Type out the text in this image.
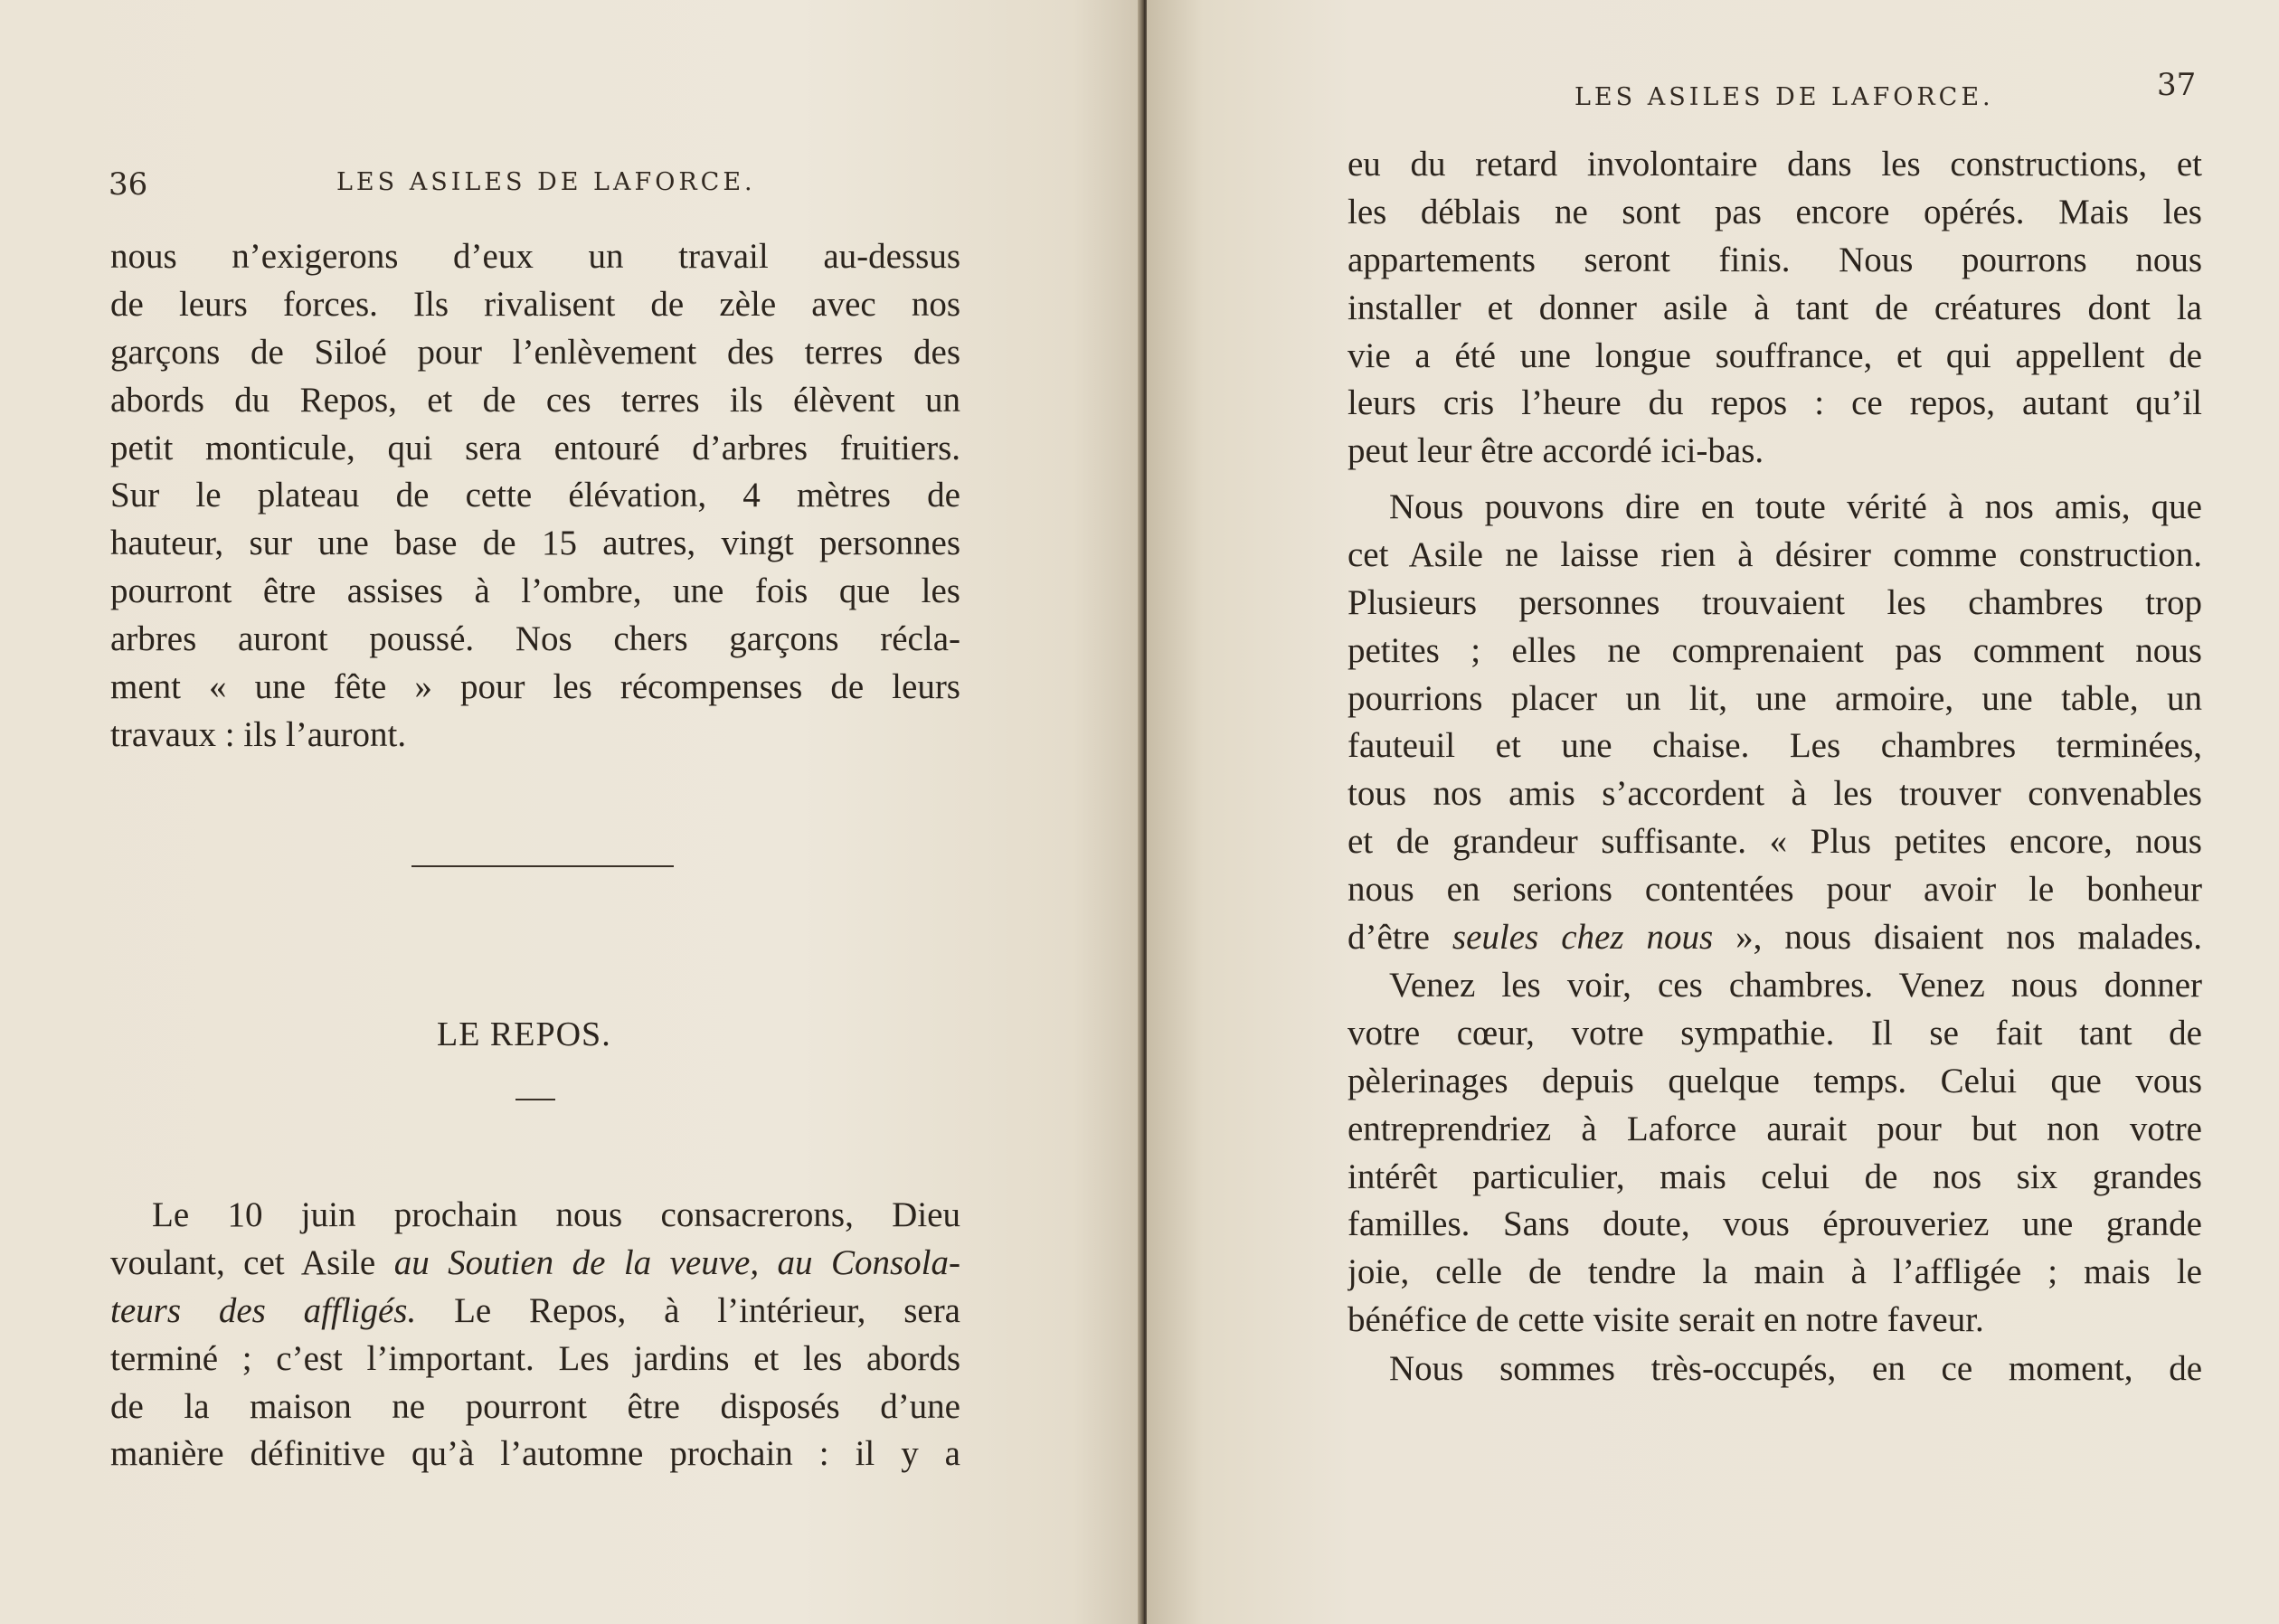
36	LES ASILES DE LAFORCE.
nous n’exigerons d’eux un travail au-dessus
de leurs forces. Ils rivalisent de zèle avec nos
garçons de Siloé pour l’enlèvement des terres des
abords du Repos, et de ces terres ils élèvent un
petit monticule, qui sera entouré d’arbres fruitiers.
Sur le plateau de cette élévation, 4 mètres de
hauteur, sur une base de 15 autres, vingt personnes
pourront être assises à l’ombre, une fois que les
arbres auront poussé. Nos chers garçons récla-
ment « une fête » pour les récompenses de leurs
travaux : ils l’auront.
LE REPOS.
Le 10 juin prochain nous consacrerons, Dieu
voulant, cet Asile au Soutien de la veuve, au Consola-
teurs des affligés. Le Repos, à l’intérieur, sera
terminé ; c’est l’important. Les jardins et les abords
de la maison ne pourront être disposés d’une
manière définitive qu’à l’automne prochain : il y a
LES ASILES DE LAFORCE.	37
eu du retard involontaire dans les constructions, et
les déblais ne sont pas encore opérés. Mais les
appartements seront finis. Nous pourrons nous
installer et donner asile à tant de créatures dont la
vie a été une longue souffrance, et qui appellent de
leurs cris l’heure du repos : ce repos, autant qu’il
peut leur être accordé ici-bas.
Nous pouvons dire en toute vérité à nos amis, que
cet Asile ne laisse rien à désirer comme construction.
Plusieurs personnes trouvaient les chambres trop
petites ; elles ne comprenaient pas comment nous
pourrions placer un lit, une armoire, une table, un
fauteuil et une chaise. Les chambres terminées,
tous nos amis s’accordent à les trouver convenables
et de grandeur suffisante. « Plus petites encore, nous
nous en serions contentées pour avoir le bonheur
d’être seules chez nous », nous disaient nos malades.
Venez les voir, ces chambres. Venez nous donner
votre cœur, votre sympathie. Il se fait tant de
pèlerinages depuis quelque temps. Celui que vous
entreprendriez à Laforce aurait pour but non votre
intérêt particulier, mais celui de nos six grandes
familles. Sans doute, vous éprouveriez une grande
joie, celle de tendre la main à l’affligée ; mais le
bénéfice de cette visite serait en notre faveur.
Nous sommes très-occupés, en ce moment, de
